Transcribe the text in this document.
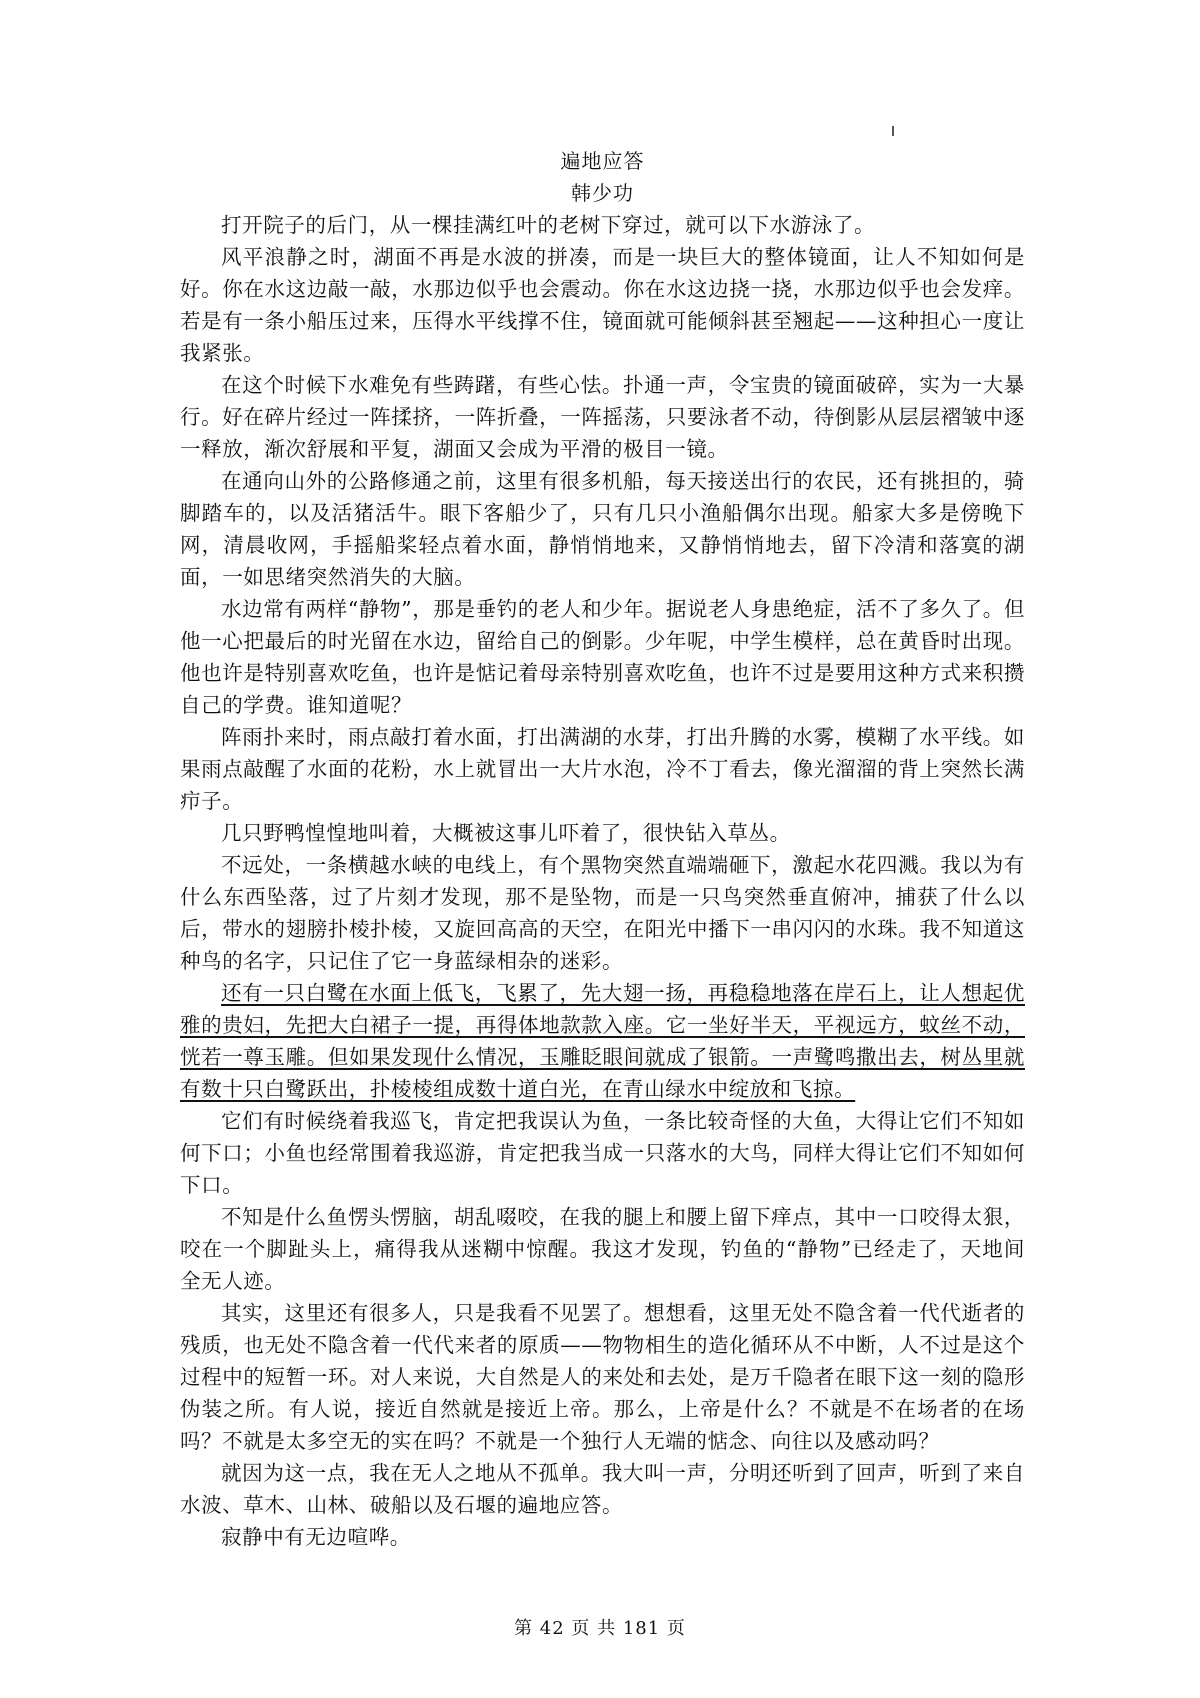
遍地应答
韩少功

打开院子的后门，从一棵挂满红叶的老树下穿过，就可以下水游泳了。

风平浪静之时，湖面不再是水波的拼凑，而是一块巨大的整体镜面，让人不知如何是好。你在水这边敲一敲，水那边似乎也会震动。你在水这边挠一挠，水那边似乎也会发痒。若是有一条小船压过来，压得水平线撑不住，镜面就可能倾斜甚至翘起——这种担心一度让我紧张。

在这个时候下水难免有些踌躇，有些心怯。扑通一声，令宝贵的镜面破碎，实为一大暴行。好在碎片经过一阵揉挤，一阵折叠，一阵摇荡，只要泳者不动，待倒影从层层褶皱中逐一释放，渐次舒展和平复，湖面又会成为平滑的极目一镜。

在通向山外的公路修通之前，这里有很多机船，每天接送出行的农民，还有挑担的，骑脚踏车的，以及活猪活牛。眼下客船少了，只有几只小渔船偶尔出现。船家大多是傍晚下网，清晨收网，手摇船桨轻点着水面，静悄悄地来，又静悄悄地去，留下冷清和落寞的湖面，一如思绪突然消失的大脑。

水边常有两样“静物”，那是垂钓的老人和少年。据说老人身患绝症，活不了多久了。但他一心把最后的时光留在水边，留给自己的倒影。少年呢，中学生模样，总在黄昏时出现。他也许是特别喜欢吃鱼，也许是惦记着母亲特别喜欢吃鱼，也许不过是要用这种方式来积攒自己的学费。谁知道呢？

阵雨扑来时，雨点敲打着水面，打出满湖的水芽，打出升腾的水雾，模糊了水平线。如果雨点敲醒了水面的花粉，水上就冒出一大片水泡，冷不丁看去，像光溜溜的背上突然长满疖子。

几只野鸭惶惶地叫着，大概被这事儿吓着了，很快钻入草丛。

不远处，一条横越水峡的电线上，有个黑物突然直端端砸下，激起水花四溅。我以为有什么东西坠落，过了片刻才发现，那不是坠物，而是一只鸟突然垂直俯冲，捕获了什么以后，带水的翅膀扑棱扑棱，又旋回高高的天空，在阳光中播下一串闪闪的水珠。我不知道这种鸟的名字，只记住了它一身蓝绿相杂的迷彩。

还有一只白鹭在水面上低飞，飞累了，先大翅一扬，再稳稳地落在岸石上，让人想起优雅的贵妇，先把大白裙子一提，再得体地款款入座。它一坐好半天，平视远方，蚊丝不动，恍若一尊玉雕。但如果发现什么情况，玉雕眨眼间就成了银箭。一声鹭鸣撒出去，树丛里就有数十只白鹭跃出，扑棱棱组成数十道白光，在青山绿水中绽放和飞掠。

它们有时候绕着我巡飞，肯定把我误认为鱼，一条比较奇怪的大鱼，大得让它们不知如何下口；小鱼也经常围着我巡游，肯定把我当成一只落水的大鸟，同样大得让它们不知如何下口。

不知是什么鱼愣头愣脑，胡乱啜咬，在我的腿上和腰上留下痒点，其中一口咬得太狠，咬在一个脚趾头上，痛得我从迷糊中惊醒。我这才发现，钓鱼的“静物”已经走了，天地间全无人迹。

其实，这里还有很多人，只是我看不见罢了。想想看，这里无处不隐含着一代代逝者的残质，也无处不隐含着一代代来者的原质——物物相生的造化循环从不中断，人不过是这个过程中的短暂一环。对人来说，大自然是人的来处和去处，是万千隐者在眼下这一刻的隐形伪装之所。有人说，接近自然就是接近上帝。那么，上帝是什么？不就是不在场者的在场吗？不就是太多空无的实在吗？不就是一个独行人无端的惦念、向往以及感动吗？

就因为这一点，我在无人之地从不孤单。我大叫一声，分明还听到了回声，听到了来自水波、草木、山林、破船以及石堰的遍地应答。

寂静中有无边喧哗。

第 42 页 共 181 页
